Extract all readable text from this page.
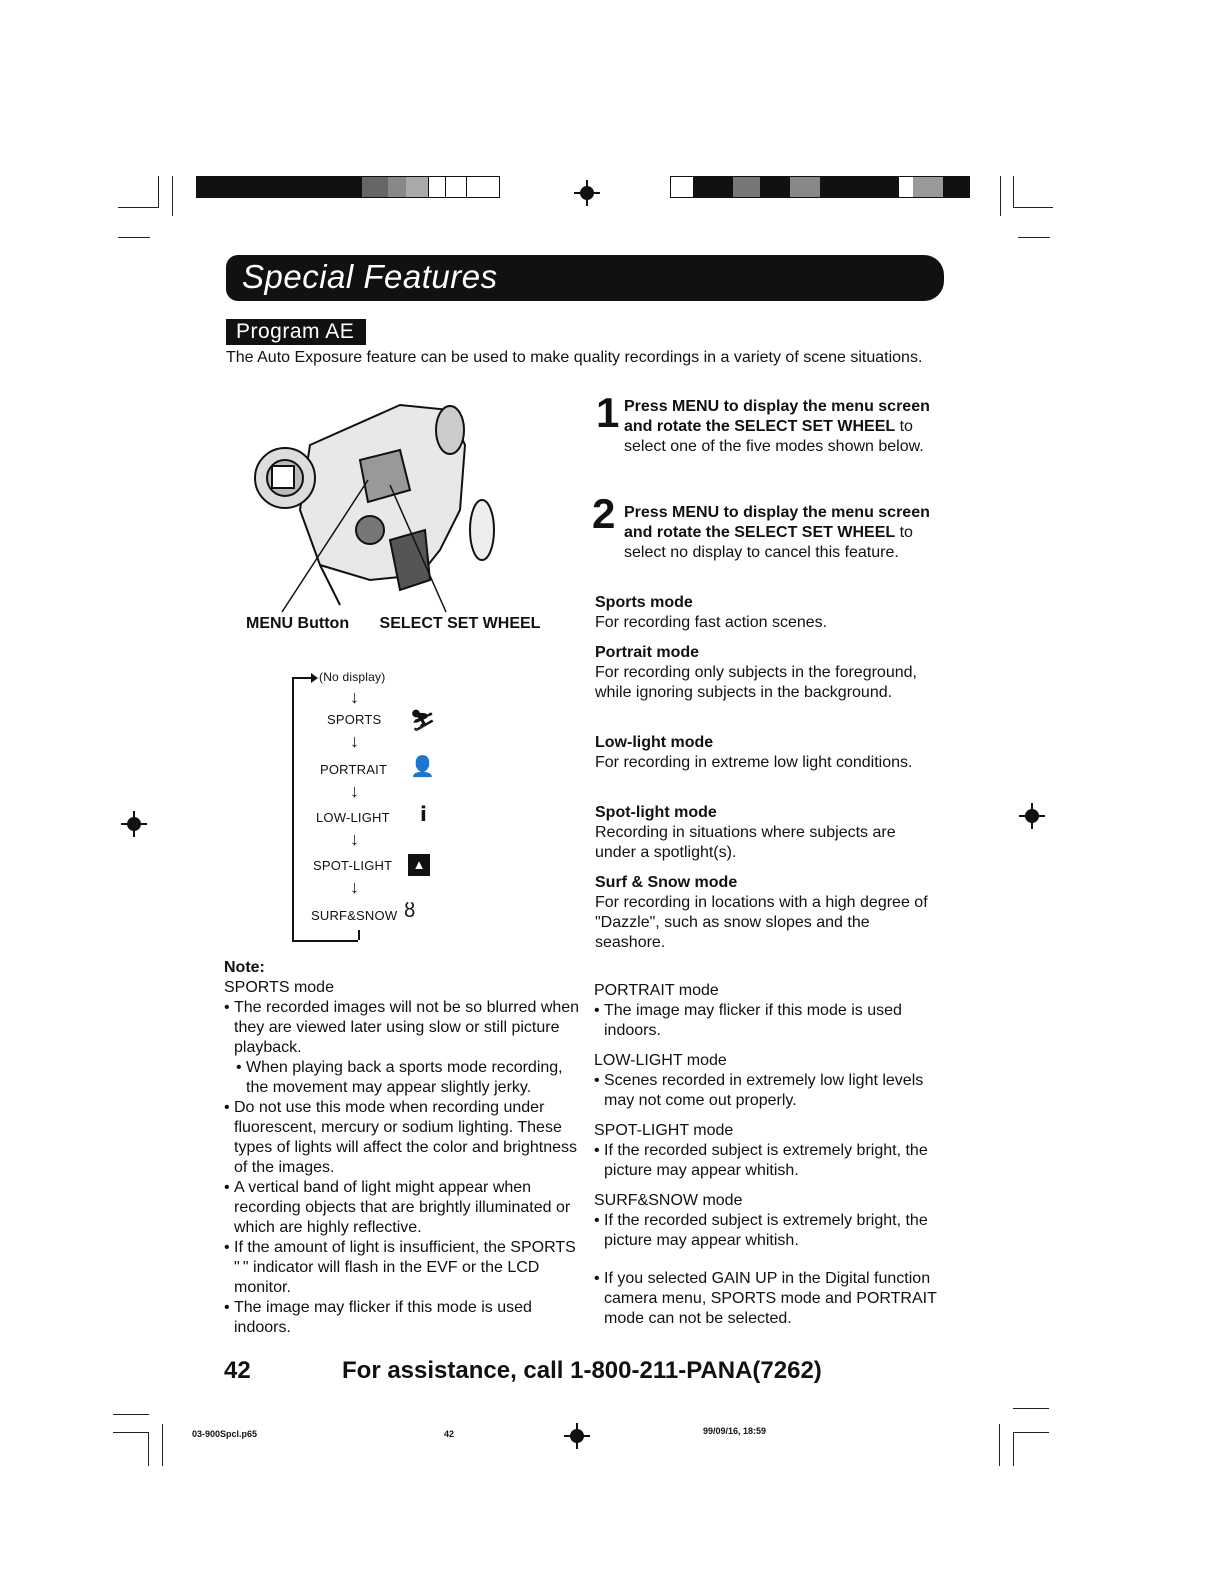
Special Features
Program AE
The Auto Exposure feature can be used to make quality recordings in a variety of scene situations.
MENU Button SELECT SET WHEEL
(No display)
↓
SPORTS ⛷
↓
PORTRAIT 👤
↓
LOW-LIGHT ⅰ
↓
SPOT-LIGHT	▲
↓
SURF&SNOW ȣ
1 Press MENU to display the menu screen and rotate the SELECT SET WHEEL to select one of the five modes shown below.
2 Press MENU to display the menu screen and rotate the SELECT SET WHEEL to select no display to cancel this feature.
Sports mode
For recording fast action scenes.
Portrait mode
For recording only subjects in the foreground, while ignoring subjects in the background.
Low-light mode
For recording in extreme low light conditions.
Spot-light mode
Recording in situations where subjects are under a spotlight(s).
Surf & Snow mode
For recording in locations with a high degree of "Dazzle", such as snow slopes and the seashore.
Note:
SPORTS mode
• The recorded images will not be so blurred when they are viewed later using slow or still picture playback.
• When playing back a sports mode recording, the movement may appear slightly jerky.
• Do not use this mode when recording under fluorescent, mercury or sodium lighting. These types of lights will affect the color and brightness of the images.
• A vertical band of light might appear when recording objects that are brightly illuminated or which are highly reflective.
• If the amount of light is insufficient, the SPORTS " " indicator will flash in the EVF or the LCD monitor.
• The image may flicker if this mode is used indoors.
PORTRAIT mode
• The image may flicker if this mode is used indoors.
LOW-LIGHT mode
• Scenes recorded in extremely low light levels may not come out properly.
SPOT-LIGHT mode
• If the recorded subject is extremely bright, the picture may appear whitish.
SURF&SNOW mode
• If the recorded subject is extremely bright, the picture may appear whitish.
• If you selected GAIN UP in the Digital function camera menu, SPORTS mode and PORTRAIT mode can not be selected.
42	For assistance, call 1-800-211-PANA(7262)
03-900Spcl.p65	42	99/09/16, 18:59
